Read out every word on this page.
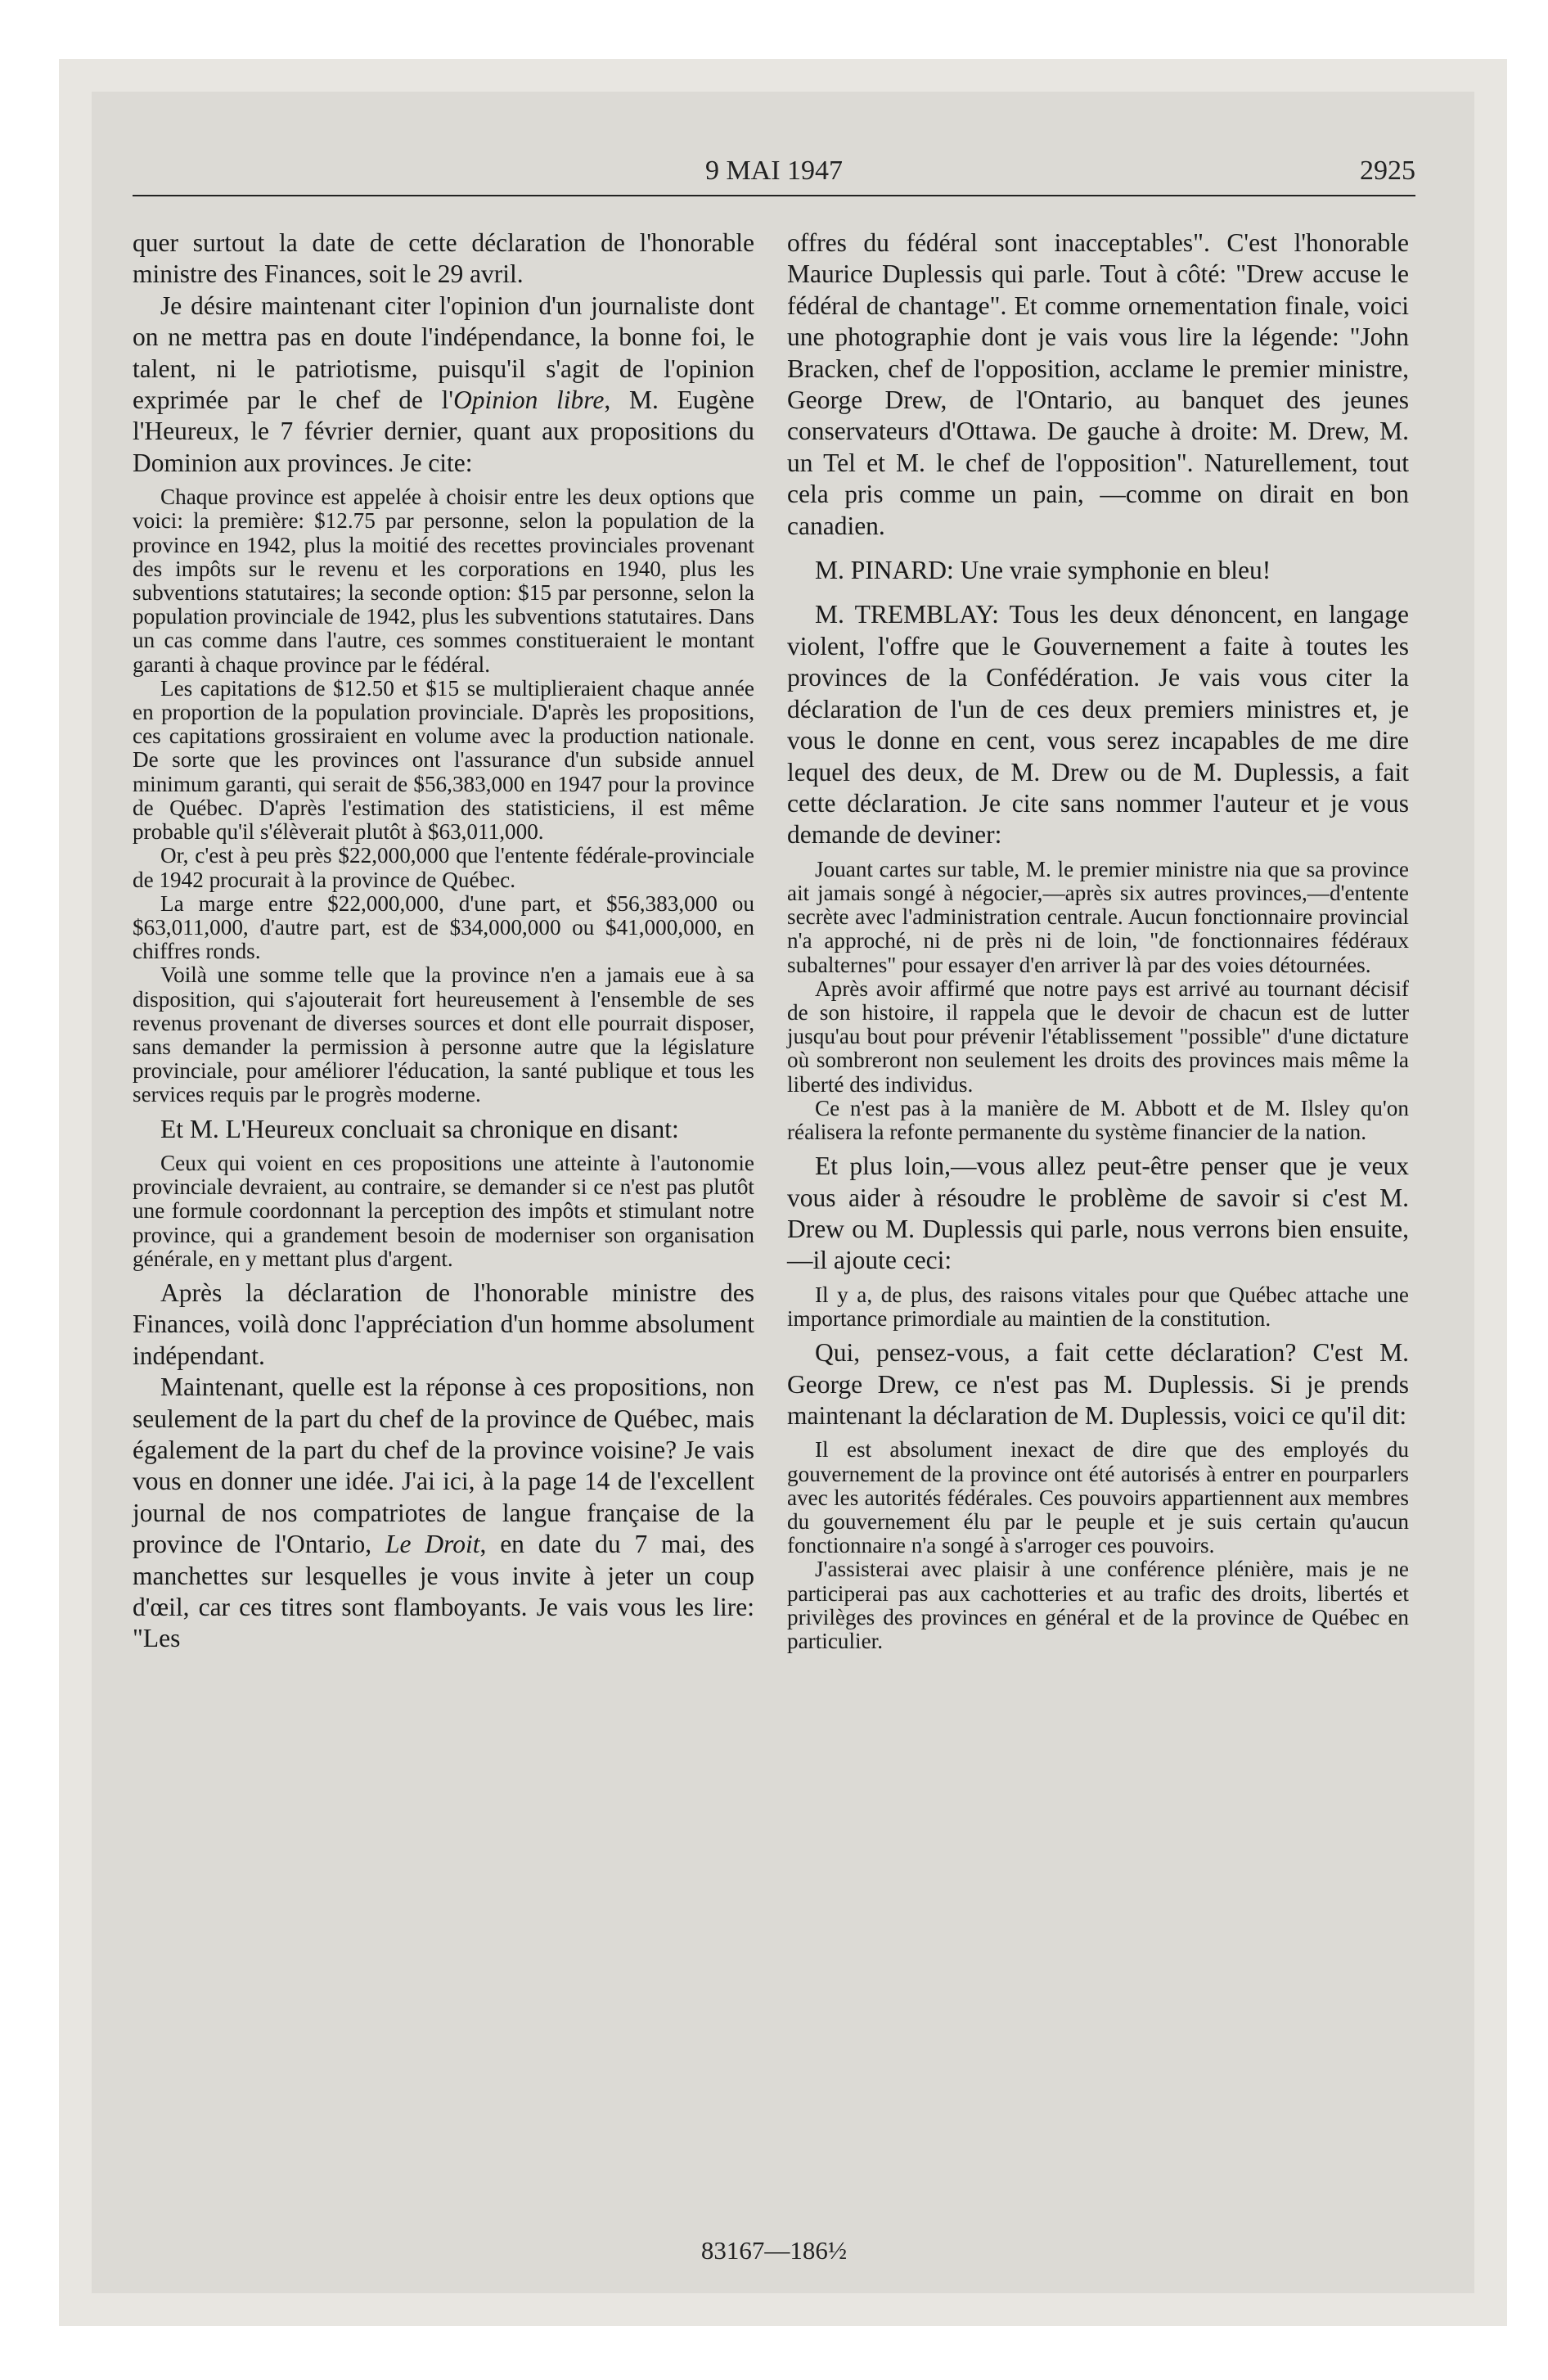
9 MAI 1947	2925

quer surtout la date de cette déclaration de l'honorable ministre des Finances, soit le 29 avril.

Je désire maintenant citer l'opinion d'un journaliste dont on ne mettra pas en doute l'indépendance, la bonne foi, le talent, ni le patriotisme, puisqu'il s'agit de l'opinion exprimée par le chef de l'Opinion libre, M. Eugène l'Heureux, le 7 février dernier, quant aux propositions du Dominion aux provinces. Je cite:

Chaque province est appelée à choisir entre les deux options que voici: la première: $12.75 par personne, selon la population de la province en 1942, plus la moitié des recettes provinciales provenant des impôts sur le revenu et les corporations en 1940, plus les subventions statutaires; la seconde option: $15 par personne, selon la population provinciale de 1942, plus les subventions statutaires. Dans un cas comme dans l'autre, ces sommes constitueraient le montant garanti à chaque province par le fédéral.

Les capitations de $12.50 et $15 se multiplieraient chaque année en proportion de la population provinciale. D'après les propositions, ces capitations grossiraient en volume avec la production nationale. De sorte que les provinces ont l'assurance d'un subside annuel minimum garanti, qui serait de $56,383,000 en 1947 pour la province de Québec. D'après l'estimation des statisticiens, il est même probable qu'il s'élèverait plutôt à $63,011,000.

Or, c'est à peu près $22,000,000 que l'entente fédérale-provinciale de 1942 procurait à la province de Québec.

La marge entre $22,000,000, d'une part, et $56,383,000 ou $63,011,000, d'autre part, est de $34,000,000 ou $41,000,000, en chiffres ronds.

Voilà une somme telle que la province n'en a jamais eue à sa disposition, qui s'ajouterait fort heureusement à l'ensemble de ses revenus provenant de diverses sources et dont elle pourrait disposer, sans demander la permission à personne autre que la législature provinciale, pour améliorer l'éducation, la santé publique et tous les services requis par le progrès moderne.

Et M. L'Heureux concluait sa chronique en disant:

Ceux qui voient en ces propositions une atteinte à l'autonomie provinciale devraient, au contraire, se demander si ce n'est pas plutôt une formule coordonnant la perception des impôts et stimulant notre province, qui a grandement besoin de moderniser son organisation générale, en y mettant plus d'argent.

Après la déclaration de l'honorable ministre des Finances, voilà donc l'appréciation d'un homme absolument indépendant.

Maintenant, quelle est la réponse à ces propositions, non seulement de la part du chef de la province de Québec, mais également de la part du chef de la province voisine? Je vais vous en donner une idée. J'ai ici, à la page 14 de l'excellent journal de nos compatriotes de langue française de la province de l'Ontario, Le Droit, en date du 7 mai, des manchettes sur lesquelles je vous invite à jeter un coup d'œil, car ces titres sont flamboyants. Je vais vous les lire: "Les

offres du fédéral sont inacceptables". C'est l'honorable Maurice Duplessis qui parle. Tout à côté: "Drew accuse le fédéral de chantage". Et comme ornementation finale, voici une photographie dont je vais vous lire la légende: "John Bracken, chef de l'opposition, acclame le premier ministre, George Drew, de l'Ontario, au banquet des jeunes conservateurs d'Ottawa. De gauche à droite: M. Drew, M. un Tel et M. le chef de l'opposition". Naturellement, tout cela pris comme un pain, —comme on dirait en bon canadien.

M. PINARD: Une vraie symphonie en bleu!

M. TREMBLAY: Tous les deux dénoncent, en langage violent, l'offre que le Gouvernement a faite à toutes les provinces de la Confédération. Je vais vous citer la déclaration de l'un de ces deux premiers ministres et, je vous le donne en cent, vous serez incapables de me dire lequel des deux, de M. Drew ou de M. Duplessis, a fait cette déclaration. Je cite sans nommer l'auteur et je vous demande de deviner:

Jouant cartes sur table, M. le premier ministre nia que sa province ait jamais songé à négocier,—après six autres provinces,—d'entente secrète avec l'administration centrale. Aucun fonctionnaire provincial n'a approché, ni de près ni de loin, "de fonctionnaires fédéraux subalternes" pour essayer d'en arriver là par des voies détournées.

Après avoir affirmé que notre pays est arrivé au tournant décisif de son histoire, il rappela que le devoir de chacun est de lutter jusqu'au bout pour prévenir l'établissement "possible" d'une dictature où sombreront non seulement les droits des provinces mais même la liberté des individus.

Ce n'est pas à la manière de M. Abbott et de M. Ilsley qu'on réalisera la refonte permanente du système financier de la nation.

Et plus loin,—vous allez peut-être penser que je veux vous aider à résoudre le problème de savoir si c'est M. Drew ou M. Duplessis qui parle, nous verrons bien ensuite,—il ajoute ceci:

Il y a, de plus, des raisons vitales pour que Québec attache une importance primordiale au maintien de la constitution.

Qui, pensez-vous, a fait cette déclaration? C'est M. George Drew, ce n'est pas M. Duplessis. Si je prends maintenant la déclaration de M. Duplessis, voici ce qu'il dit:

Il est absolument inexact de dire que des employés du gouvernement de la province ont été autorisés à entrer en pourparlers avec les autorités fédérales. Ces pouvoirs appartiennent aux membres du gouvernement élu par le peuple et je suis certain qu'aucun fonctionnaire n'a songé à s'arroger ces pouvoirs.

J'assisterai avec plaisir à une conférence plénière, mais je ne participerai pas aux cachotteries et au trafic des droits, libertés et privilèges des provinces en général et de la province de Québec en particulier.

83167—186½
